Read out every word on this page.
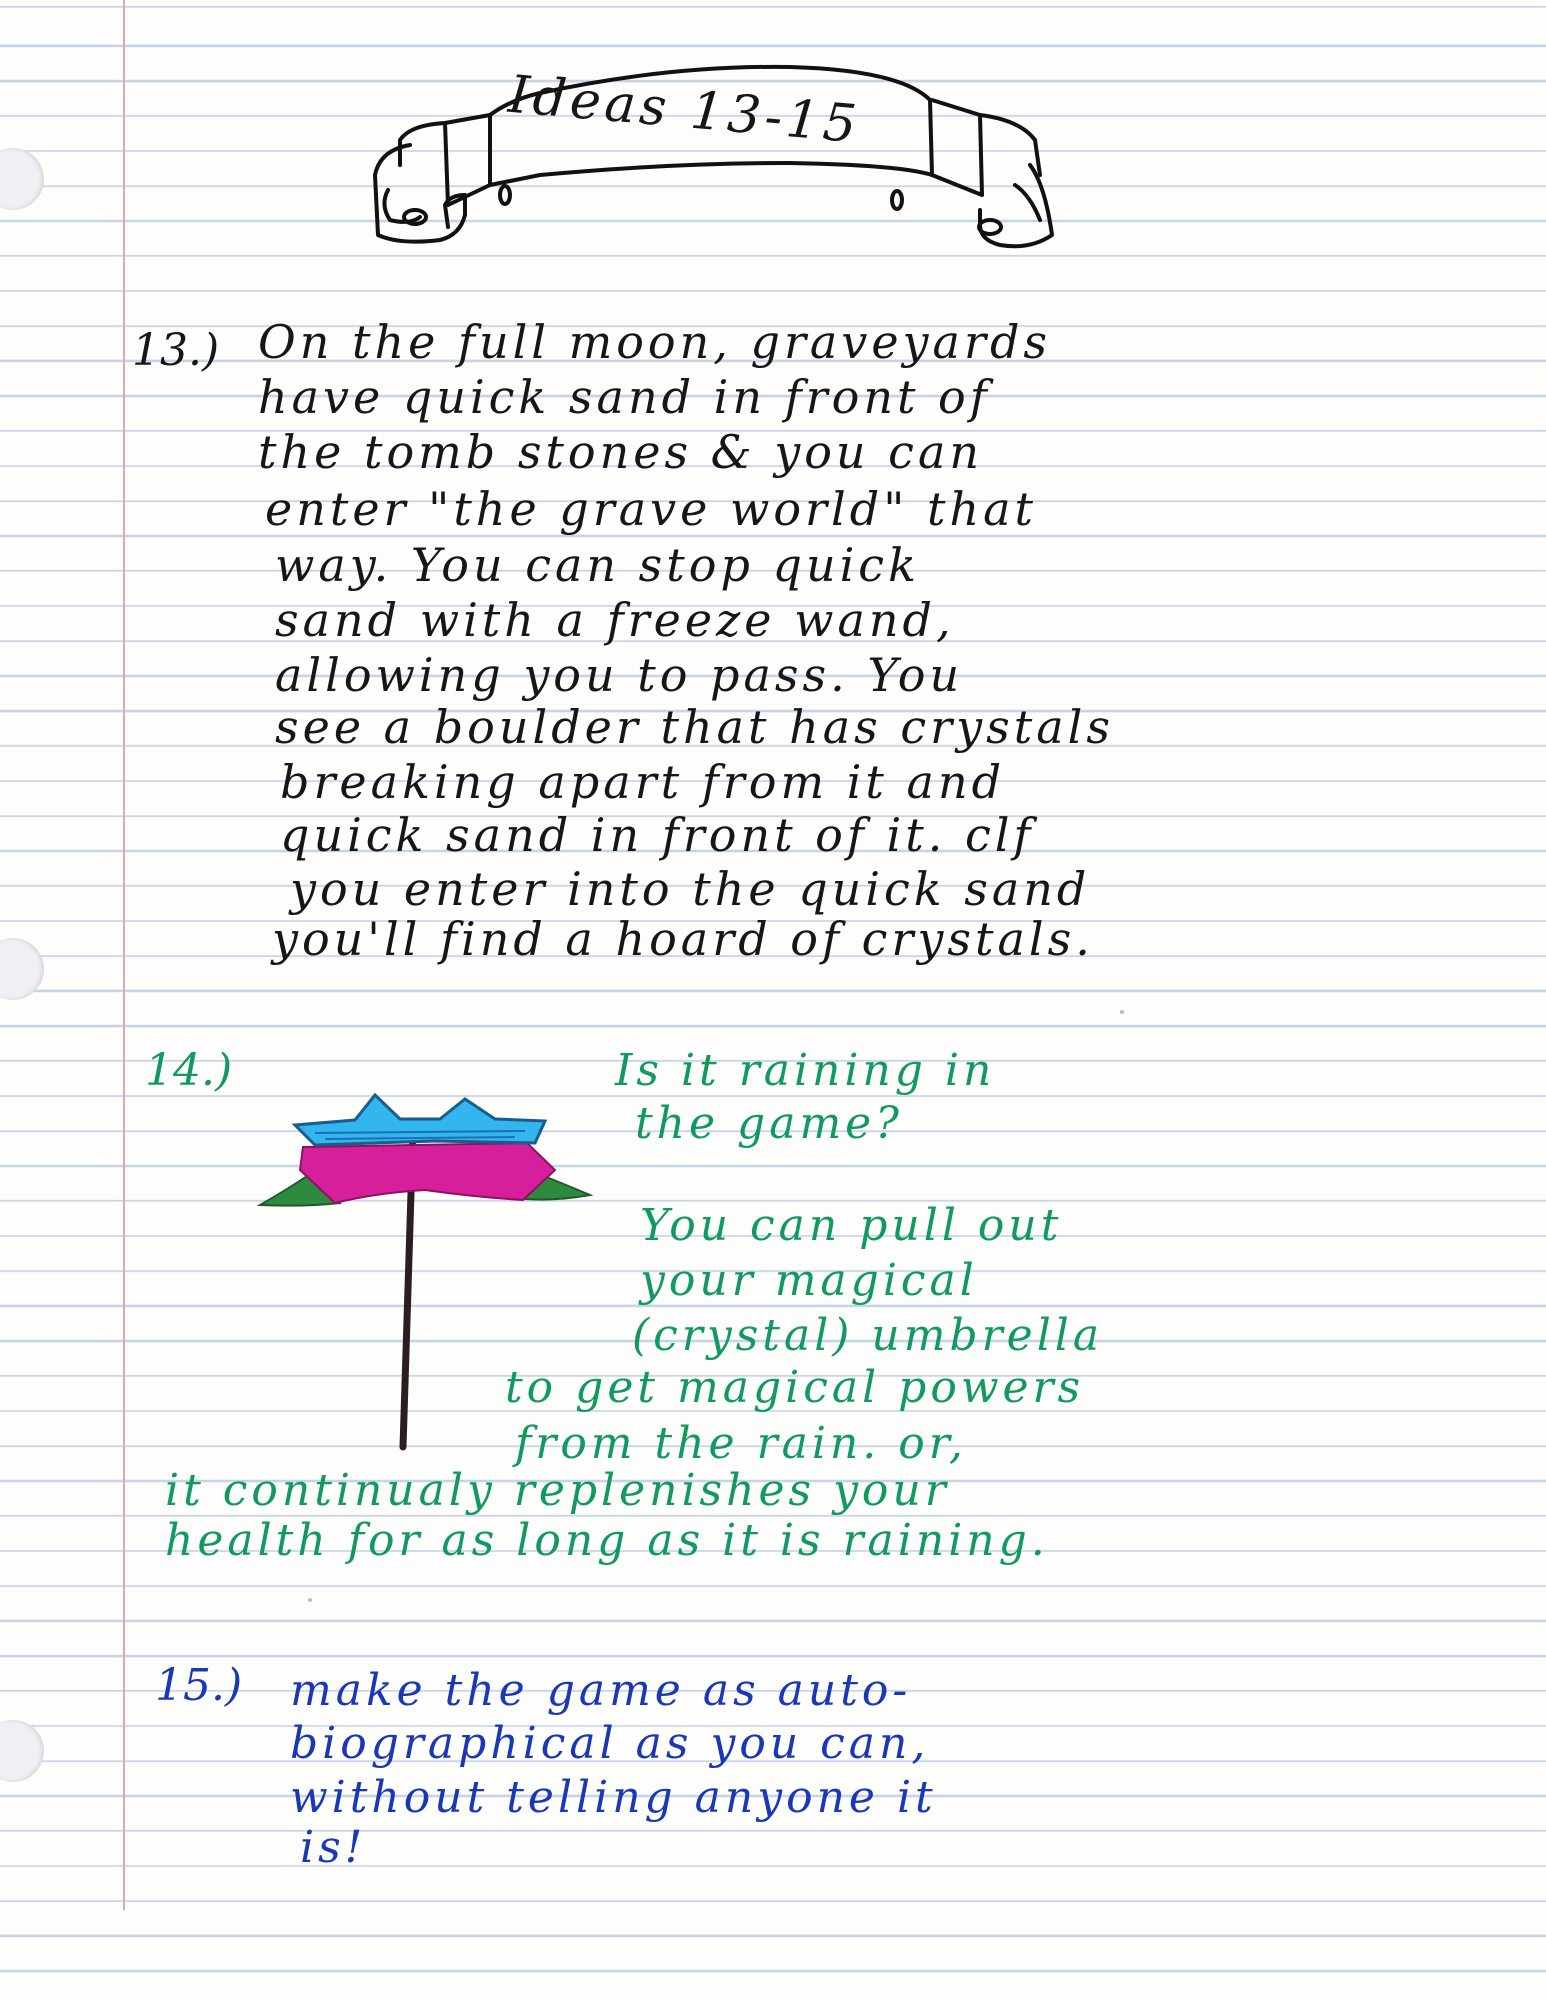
Ideas 13-15
13.) On the full moon, graveyards
have quick sand in front of
the tomb stones & you can
enter "the grave world" that
way. You can stop quick
sand with a freeze wand,
allowing you to pass. You
see a boulder that has crystals
breaking apart from it and
quick sand in front of it. clf
you enter into the quick sand
you'll find a hoard of crystals.
14.)	Is it raining in
the game?
You can pull out
your magical
(crystal) umbrella
to get magical powers
from the rain. or,
it continualy replenishes your
health for as long as it is raining.
15.) make the game as auto-
biographical as you can,
without telling anyone it
is!
